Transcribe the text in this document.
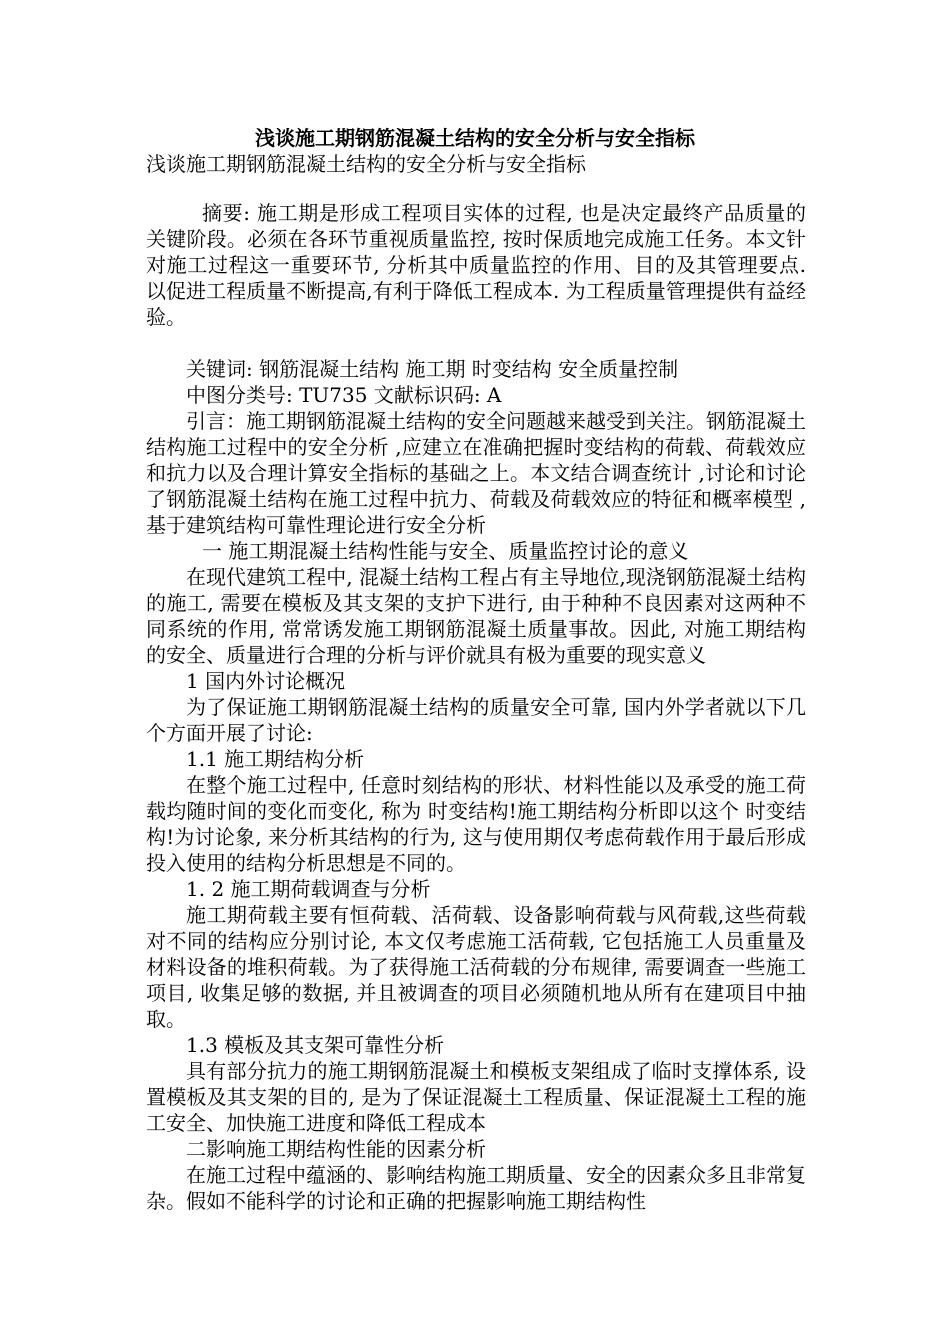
浅谈施工期钢筋混凝土结构的安全分析与安全指标
浅谈施工期钢筋混凝土结构的安全分析与安全指标

摘要: 施工期是形成工程项目实体的过程, 也是决定最终产品质量的关键阶段。必须在各环节重视质量监控, 按时保质地完成施工任务。本文针对施工过程这一重要环节, 分析其中质量监控的作用、目的及其管理要点. 以促进工程质量不断提高,有利于降低工程成本. 为工程质量管理提供有益经验。

关键词: 钢筋混凝土结构 施工期 时变结构 安全质量控制

中图分类号: TU735 文献标识码: A

引言：施工期钢筋混凝土结构的安全问题越来越受到关注。钢筋混凝土结构施工过程中的安全分析 ,应建立在准确把握时变结构的荷载、荷载效应和抗力以及合理计算安全指标的基础之上。本文结合调查统计 ,讨论和讨论了钢筋混凝土结构在施工过程中抗力、荷载及荷载效应的特征和概率模型 ,基于建筑结构可靠性理论进行安全分析

一 施工期混凝土结构性能与安全、质量监控讨论的意义

在现代建筑工程中, 混凝土结构工程占有主导地位,现浇钢筋混凝土结构的施工, 需要在模板及其支架的支护下进行, 由于种种不良因素对这两种不同系统的作用, 常常诱发施工期钢筋混凝土质量事故。因此, 对施工期结构的安全、质量进行合理的分析与评价就具有极为重要的现实意义

1 国内外讨论概况

为了保证施工期钢筋混凝土结构的质量安全可靠, 国内外学者就以下几个方面开展了讨论:

1.1 施工期结构分析

在整个施工过程中, 任意时刻结构的形状、材料性能以及承受的施工荷载均随时间的变化而变化, 称为 时变结构!施工期结构分析即以这个 时变结构!为讨论象, 来分析其结构的行为, 这与使用期仅考虑荷载作用于最后形成投入使用的结构分析思想是不同的。

1. 2 施工期荷载调查与分析

施工期荷载主要有恒荷载、活荷载、设备影响荷载与风荷载,这些荷载对不同的结构应分别讨论, 本文仅考虑施工活荷载, 它包括施工人员重量及材料设备的堆积荷载。为了获得施工活荷载的分布规律, 需要调查一些施工项目, 收集足够的数据, 并且被调查的项目必须随机地从所有在建项目中抽取。

1.3 模板及其支架可靠性分析

具有部分抗力的施工期钢筋混凝土和模板支架组成了临时支撑体系, 设置模板及其支架的目的, 是为了保证混凝土工程质量、保证混凝土工程的施工安全、加快施工进度和降低工程成本

二影响施工期结构性能的因素分析

在施工过程中蕴涵的、影响结构施工期质量、安全的因素众多且非常复杂。假如不能科学的讨论和正确的把握影响施工期结构性
